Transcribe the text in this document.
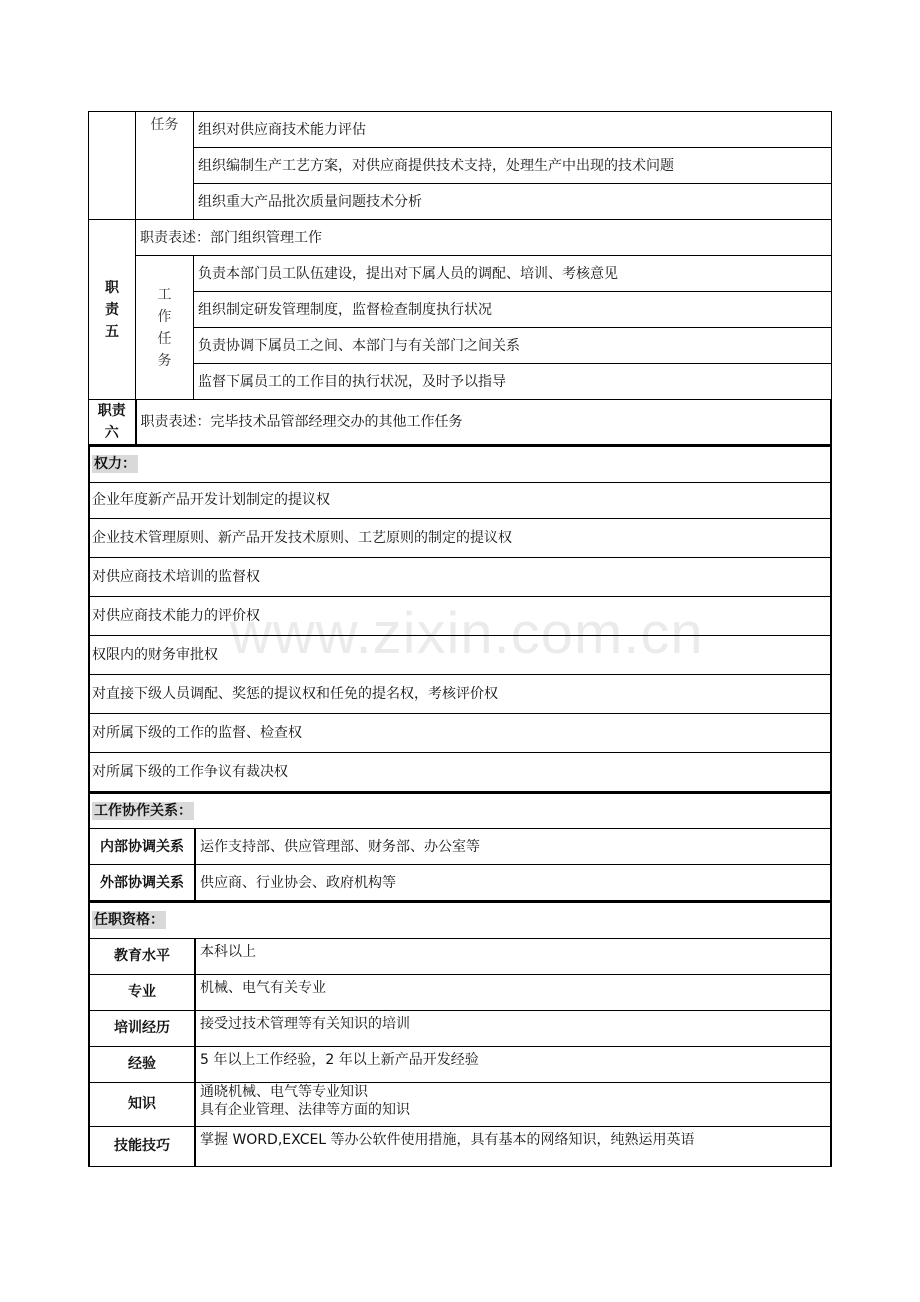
	任务	组织对供应商技术能力评估
		组织编制生产工艺方案，对供应商提供技术支持，处理生产中出现的技术问题
		组织重大产品批次质量问题技术分析
职责五	职责表述：部门组织管理工作	
	工作任务	负责本部门员工队伍建设，提出对下属人员的调配、培训、考核意见
		组织制定研发管理制度，监督检查制度执行状况
		负责协调下属员工之间、本部门与有关部门之间关系
		监督下属员工的工作目的执行状况，及时予以指导
职责六	职责表述：完毕技术品管部经理交办的其他工作任务	
权力：
企业年度新产品开发计划制定的提议权
企业技术管理原则、新产品开发技术原则、工艺原则的制定的提议权
对供应商技术培训的监督权
对供应商技术能力的评价权
权限内的财务审批权
对直接下级人员调配、奖惩的提议权和任免的提名权，考核评价权
对所属下级的工作的监督、检查权
对所属下级的工作争议有裁决权
工作协作关系：	
内部协调关系	运作支持部、供应管理部、财务部、办公室等
外部协调关系	供应商、行业协会、政府机构等
任职资格：	
教育水平	本科以上
专业	机械、电气有关专业
培训经历	接受过技术管理等有关知识的培训
经验	5 年以上工作经验，2 年以上新产品开发经验
知识	通晓机械、电气等专业知识
具有企业管理、法律等方面的知识

技能技巧	掌握 WORD,EXCEL 等办公软件使用措施，具有基本的网络知识，纯熟运用英语
www.zixin.com.cn
